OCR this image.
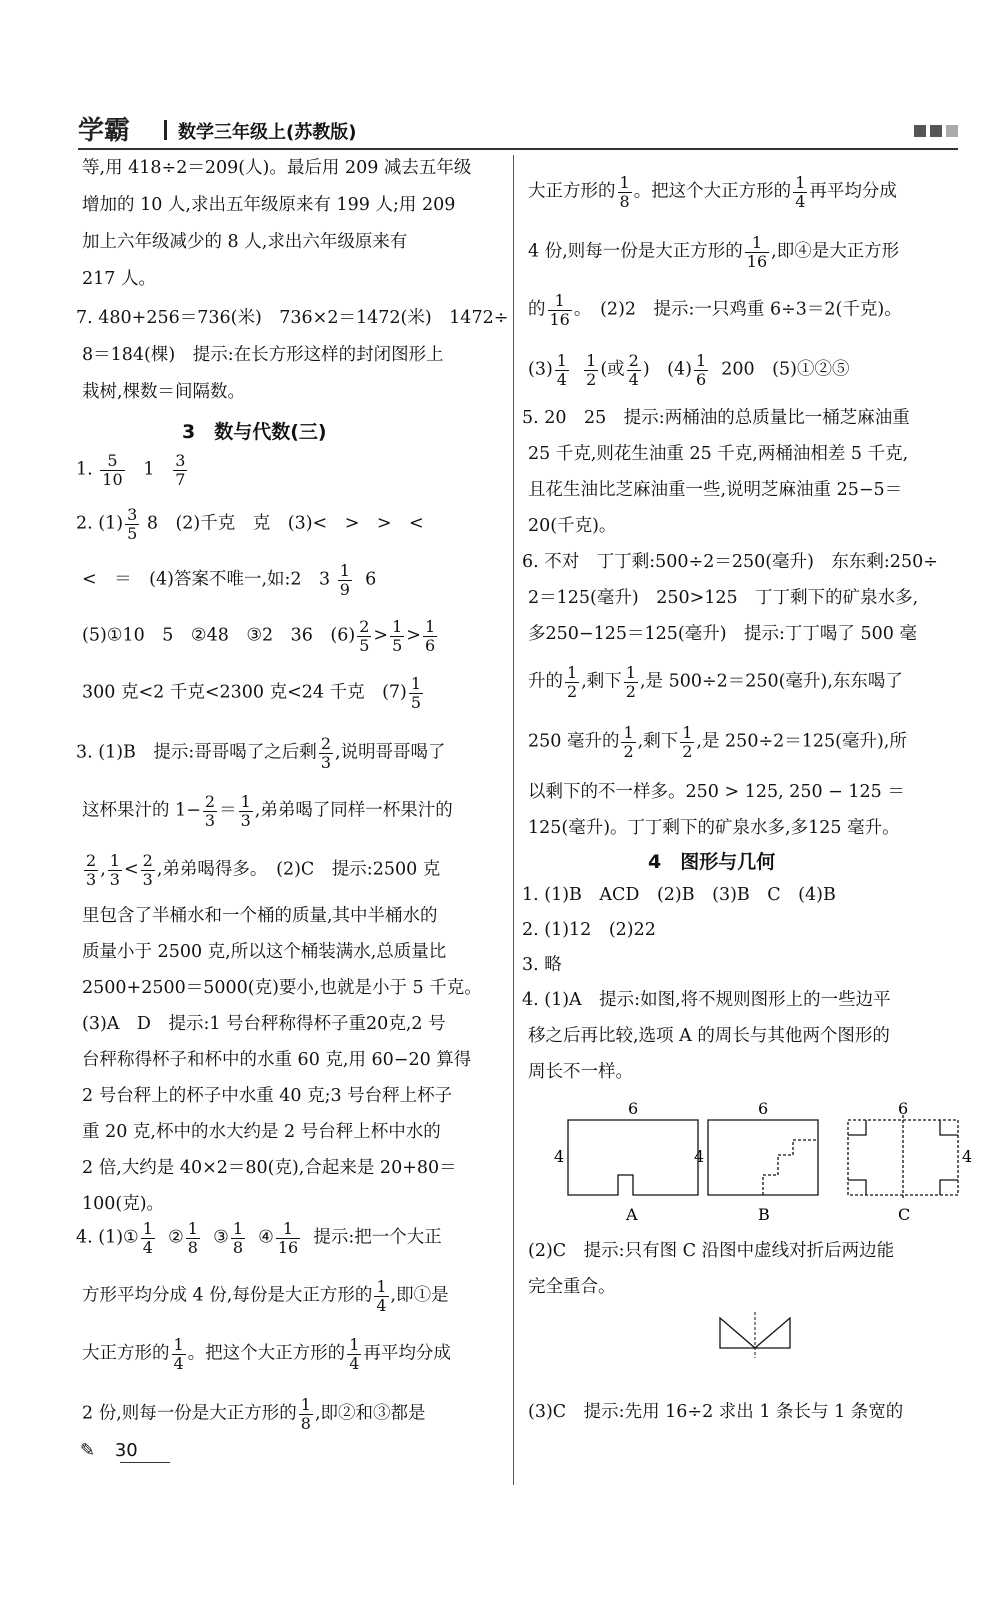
学霸	数学三年级上(苏教版)
等,用 418÷2＝209(人)。最后用 209 减去五年级
增加的 10 人,求出五年级原来有 199 人;用 209
加上六年级减少的 8 人,求出六年级原来有
217 人。
7. 480+256＝736(米)　736×2＝1472(米)　1472÷
8＝184(棵)　提示:在长方形这样的封闭图形上
栽树,棵数＝间隔数。
3　数与代数(三)
1. $\frac{5}{10} 1 \frac{3}{7}$
2. $(1) \frac{3}{5} 8$　(2)千克　克　(3)<　>　>　<
<　＝　(4)答案不唯一,如:2　$3 \frac{1}{9} 6$
(5)①10　5　②48　③2　36　$(6) \frac{2}{5} > \frac{1}{5} > \frac{1}{6}$
300 克<2 千克<2300 克<24 千克　$(7) \frac{1}{5}$
3. (1)B　提示:哥哥喝了之后剩 $\frac{2}{3}$ ,说明哥哥喝了
这杯果汁的 $1- \frac{2}{3} = \frac{1}{3}$ ,弟弟喝了同样一杯果汁的
$\frac{2}{3}$ , $\frac{1}{3} < \frac{2}{3}$ ,弟弟喝得多。　(2)C　提示:2500 克
里包含了半桶水和一个桶的质量,其中半桶水的
质量小于 2500 克,所以这个桶装满水,总质量比
2500+2500＝5000(克)要小,也就是小于 5 千克。
(3)A　D　提示:1 号台秤称得杯子重20克,2 号
台秤称得杯子和杯中的水重 60 克,用 60−20 算得
2 号台秤上的杯子中水重 40 克;3 号台秤上杯子
重 20 克,杯中的水大约是 2 号台秤上杯中水的
2 倍,大约是 40×2＝80(克),合起来是 20+80＝
100(克)。
4. (1)① $\frac{1}{4}$ ② $\frac{1}{8}$ ③ $\frac{1}{8}$ ④ $\frac{1}{16}$ 提示:把一个大正
方形平均分成 4 份,每份是大正方形的 $\frac{1}{4}$ ,即①是
大正方形的 $\frac{1}{4}$ 。把这个大正方形的 $\frac{1}{4}$ 再平均分成
2 份,则每一份是大正方形的 $\frac{1}{8}$ ,即②和③都是
大正方形的 $\frac{1}{8}$ 。把这个大正方形的 $\frac{1}{4}$ 再平均分成
4 份,则每一份是大正方形的 $\frac{1}{16}$ ,即④是大正方形
的 $\frac{1}{16}$ 。　(2)2　提示:一只鸡重 6÷3＝2(千克)。
$(3) \frac{1}{4}$
$\frac{1}{2}$ (或 $\frac{2}{4}$ )　$(4) \frac{1}{6} 200$　(5)①②⑤
5. 20　25　提示:两桶油的总质量比一桶芝麻油重
25 千克,则花生油重 25 千克,两桶油相差 5 千克,
且花生油比芝麻油重一些,说明芝麻油重 25−5＝
20(千克)。
6. 不对　丁丁剩:500÷2＝250(毫升)　东东剩:250÷
2＝125(毫升)　250>125　丁丁剩下的矿泉水多,
多250−125＝125(毫升)　提示:丁丁喝了 500 毫
升的 $\frac{1}{2}$ ,剩下 $\frac{1}{2}$ ,是 500÷2＝250(毫升),东东喝了
250 毫升的 $\frac{1}{2}$ ,剩下 $\frac{1}{2}$ ,是 250÷2＝125(毫升),所
以剩下的不一样多。250 > 125, 250 − 125 ＝
125(毫升)。丁丁剩下的矿泉水多,多125 毫升。
4　图形与几何
1. (1)B　ACD　(2)B　(3)B　C　(4)B
2. (1)12　(2)22
3. 略
4. (1)A　提示:如图,将不规则图形上的一些边平
移之后再比较,选项 A 的周长与其他两个图形的
周长不一样。
(2)C　提示:只有图 C 沿图中虚线对折后两边能
完全重合。
(3)C　提示:先用 16÷2 求出 1 条长与 1 条宽的
6
4
6
4
6
4
A	B	C
✎ 30
